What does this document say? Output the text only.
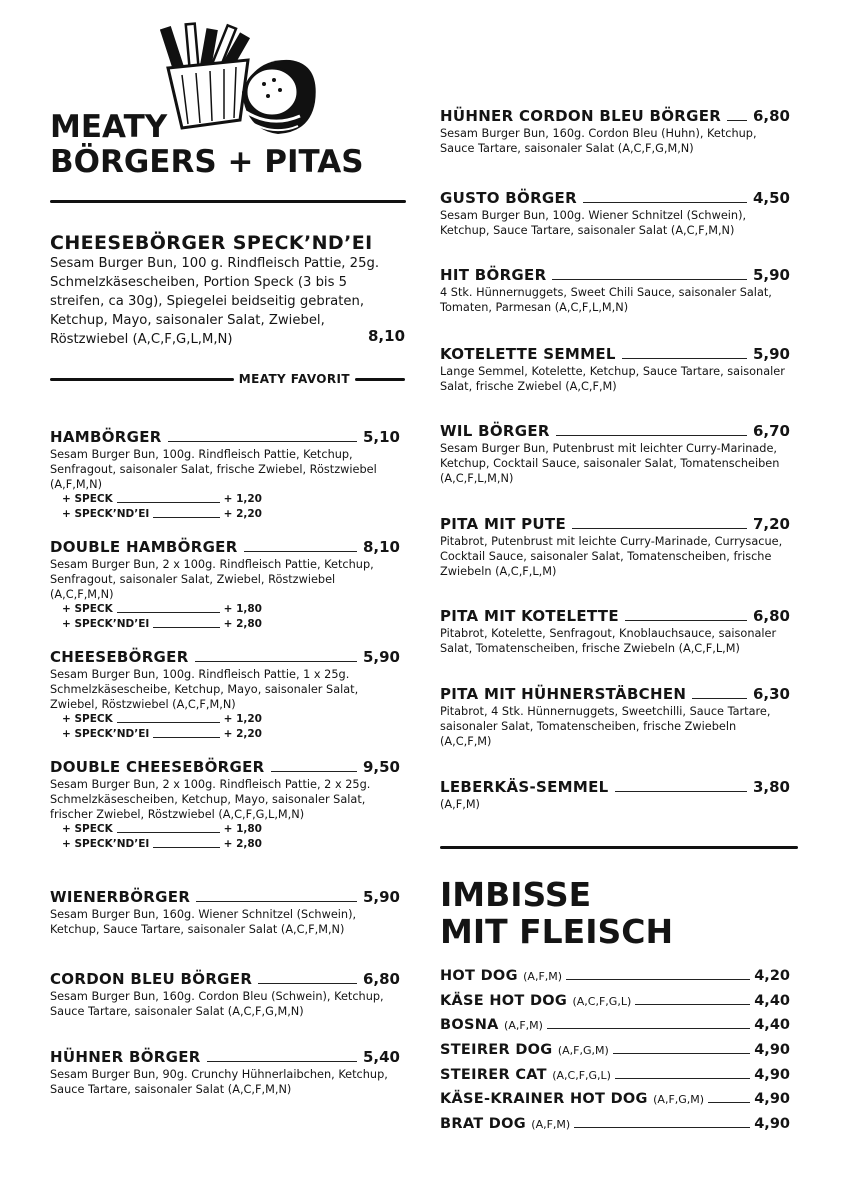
MEATY
BÖRGERS + PITAS
CHEESEBÖRGER SPECK’ND’EI
Sesam Burger Bun, 100 g. Rindfleisch Pattie, 25g. Schmelzkäsescheiben, Portion Speck (3 bis 5 streifen, ca 30g), Spiegelei beidseitig gebraten, Ketchup, Mayo, saisonaler Salat, Zwiebel, Röstzwiebel (A,C,F,G,L,M,N)	8,10
MEATY FAVORIT
HAMBÖRGER	5,10
Sesam Burger Bun, 100g. Rindfleisch Pattie, Ketchup, Senfragout, saisonaler Salat, frische Zwiebel, Röstzwiebel (A,F,M,N)
+ SPECK	+ 1,20
+ SPECK’ND’EI	+ 2,20
DOUBLE HAMBÖRGER	8,10
Sesam Burger Bun, 2 x 100g. Rindfleisch Pattie, Ketchup, Senfragout, saisonaler Salat, Zwiebel, Röstzwiebel (A,C,F,M,N)
+ SPECK	+ 1,80
+ SPECK’ND’EI	+ 2,80
CHEESEBÖRGER	5,90
Sesam Burger Bun, 100g. Rindfleisch Pattie, 1 x 25g. Schmelzkäsescheibe, Ketchup, Mayo, saisonaler Salat, Zwiebel, Röstzwiebel (A,C,F,M,N)
+ SPECK	+ 1,20
+ SPECK’ND’EI	+ 2,20
DOUBLE CHEESEBÖRGER	9,50
Sesam Burger Bun, 2 x 100g. Rindfleisch Pattie, 2 x 25g. Schmelzkäsescheiben, Ketchup, Mayo, saisonaler Salat, frischer Zwiebel, Röstzwiebel (A,C,F,G,L,M,N)
+ SPECK	+ 1,80
+ SPECK’ND’EI	+ 2,80
WIENERBÖRGER	5,90
Sesam Burger Bun, 160g. Wiener Schnitzel (Schwein), Ketchup, Sauce Tartare, saisonaler Salat (A,C,F,M,N)
CORDON BLEU BÖRGER	6,80
Sesam Burger Bun, 160g. Cordon Bleu (Schwein), Ketchup, Sauce Tartare, saisonaler Salat (A,C,F,G,M,N)
HÜHNER BÖRGER	5,40
Sesam Burger Bun, 90g. Crunchy Hühnerlaibchen, Ketchup, Sauce Tartare, saisonaler Salat (A,C,F,M,N)
HÜHNER CORDON BLEU BÖRGER 6,80
Sesam Burger Bun, 160g. Cordon Bleu (Huhn), Ketchup, Sauce Tartare, saisonaler Salat (A,C,F,G,M,N)
GUSTO BÖRGER	4,50
Sesam Burger Bun, 100g. Wiener Schnitzel (Schwein), Ketchup, Sauce Tartare, saisonaler Salat (A,C,F,M,N)
HIT BÖRGER	5,90
4 Stk. Hünnernuggets, Sweet Chili Sauce, saisonaler Salat, Tomaten, Parmesan (A,C,F,L,M,N)
KOTELETTE SEMMEL	5,90
Lange Semmel, Kotelette, Ketchup, Sauce Tartare, saisonaler Salat, frische Zwiebel (A,C,F,M)
WIL BÖRGER	6,70
Sesam Burger Bun, Putenbrust mit leichter Curry-Marinade, Ketchup, Cocktail Sauce, saisonaler Salat, Tomatenscheiben (A,C,F,L,M,N)
PITA MIT PUTE	7,20
Pitabrot, Putenbrust mit leichte Curry-Marinade, Currysacue, Cocktail Sauce, saisonaler Salat, Tomatenscheiben, frische Zwiebeln (A,C,F,L,M)
PITA MIT KOTELETTE	6,80
Pitabrot, Kotelette, Senfragout, Knoblauchsauce, saisonaler Salat, Tomatenscheiben, frische Zwiebeln (A,C,F,L,M)
PITA MIT HÜHNERSTÄBCHEN	6,30
Pitabrot, 4 Stk. Hünnernuggets, Sweetchilli, Sauce Tartare, saisonaler Salat, Tomatenscheiben, frische Zwiebeln (A,C,F,M)
LEBERKÄS-SEMMEL	3,80
(A,F,M)
IMBISSE
MIT FLEISCH
HOT DOG (A,F,M)	4,20
KÄSE HOT DOG (A,C,F,G,L)	4,40
BOSNA (A,F,M)	4,40
STEIRER DOG (A,F,G,M)	4,90
STEIRER CAT (A,C,F,G,L)	4,90
KÄSE-KRAINER HOT DOG (A,F,G,M)	4,90
BRAT DOG (A,F,M)	4,90
